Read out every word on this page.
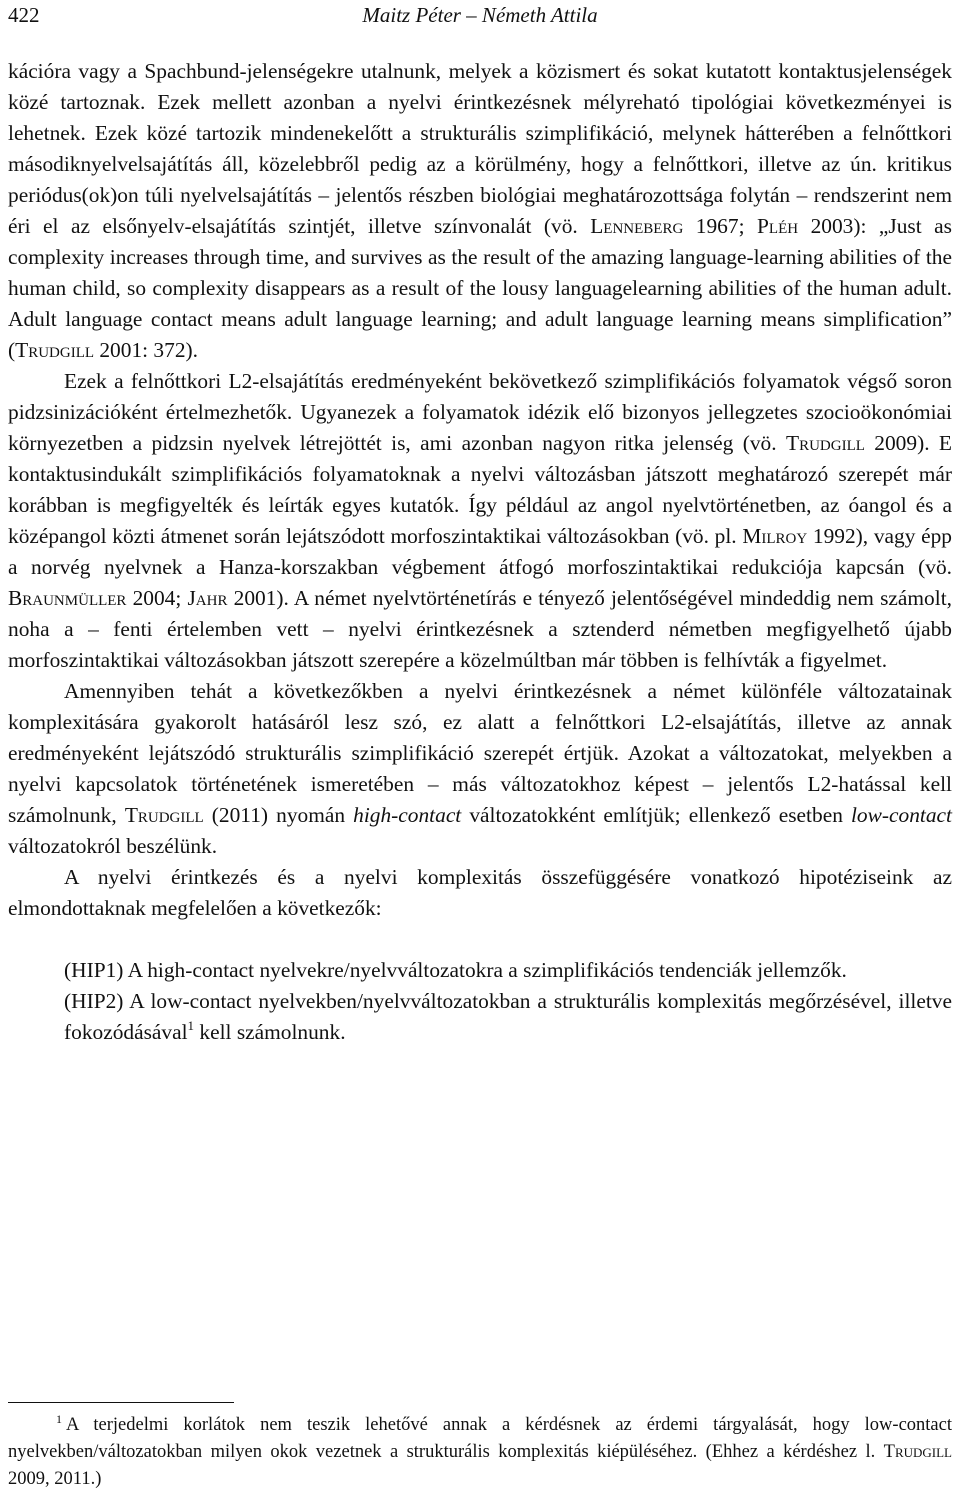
422	Maitz Péter – Németh Attila

kációra vagy a Spachbund-jelenségekre utalnunk, melyek a közismert és sokat kutatott kontaktusjelenségek közé tartoznak. Ezek mellett azonban a nyelvi érintkezésnek mélyreható tipológiai következményei is lehetnek. Ezek közé tartozik mindenekelőtt a strukturális szimplifikáció, melynek hátterében a felnőttkori másodiknyelvelsajátítás áll, közelebbről pedig az a körülmény, hogy a felnőttkori, illetve az ún. kritikus periódus(ok)on túli nyelvelsajátítás – jelentős részben biológiai meghatározottsága folytán – rendszerint nem éri el az elsőnyelv-elsajátítás szintjét, illetve színvonalát (vö. Lenneberg 1967; Pléh 2003): „Just as complexity increases through time, and survives as the result of the amazing language-learning abilities of the human child, so complexity disappears as a result of the lousy languagelearning abilities of the human adult. Adult language contact means adult language learning; and adult language learning means simplification” (Trudgill 2001: 372).

Ezek a felnőttkori L2-elsajátítás eredményeként bekövetkező szimplifikációs folyamatok végső soron pidzsinizációként értelmezhetők. Ugyanezek a folyamatok idézik elő bizonyos jellegzetes szocioökonómiai környezetben a pidzsin nyelvek létrejöttét is, ami azonban nagyon ritka jelenség (vö. Trudgill 2009). E kontaktusindukált szimplifikációs folyamatoknak a nyelvi változásban játszott meghatározó szerepét már korábban is megfigyelték és leírták egyes kutatók. Így például az angol nyelvtörténetben, az óangol és a középangol közti átmenet során lejátszódott morfoszintaktikai változásokban (vö. pl. Milroy 1992), vagy épp a norvég nyelvnek a Hanza-korszakban végbement átfogó morfoszintaktikai redukciója kapcsán (vö. Braunmüller 2004; Jahr 2001). A német nyelvtörténetírás e tényező jelentőségével mindeddig nem számolt, noha a – fenti értelemben vett – nyelvi érintkezésnek a sztenderd németben megfigyelhető újabb morfoszintaktikai változásokban játszott szerepére a közelmúltban már többen is felhívták a figyelmet.

Amennyiben tehát a következőkben a nyelvi érintkezésnek a német különféle változatainak komplexitására gyakorolt hatásáról lesz szó, ez alatt a felnőttkori L2-elsajátítás, illetve az annak eredményeként lejátszódó strukturális szimplifikáció szerepét értjük. Azokat a változatokat, melyekben a nyelvi kapcsolatok történetének ismeretében – más változatokhoz képest – jelentős L2-hatással kell számolnunk, Trudgill (2011) nyomán high-contact változatokként említjük; ellenkező esetben low-contact változatokról beszélünk.

A nyelvi érintkezés és a nyelvi komplexitás összefüggésére vonatkozó hipotéziseink az elmondottaknak megfelelően a következők:

(HIP1) A high-contact nyelvekre/nyelvváltozatokra a szimplifikációs tendenciák jellemzők.

(HIP2) A low-contact nyelvekben/nyelvváltozatokban a strukturális komplexitás megőrzésével, illetve fokozódásával$^1$ kell számolnunk.

$^1$ A terjedelmi korlátok nem teszik lehetővé annak a kérdésnek az érdemi tárgyalását, hogy low-contact nyelvekben/változatokban milyen okok vezetnek a strukturális komplexitás kiépüléséhez. (Ehhez a kérdéshez l. Trudgill 2009, 2011.)
